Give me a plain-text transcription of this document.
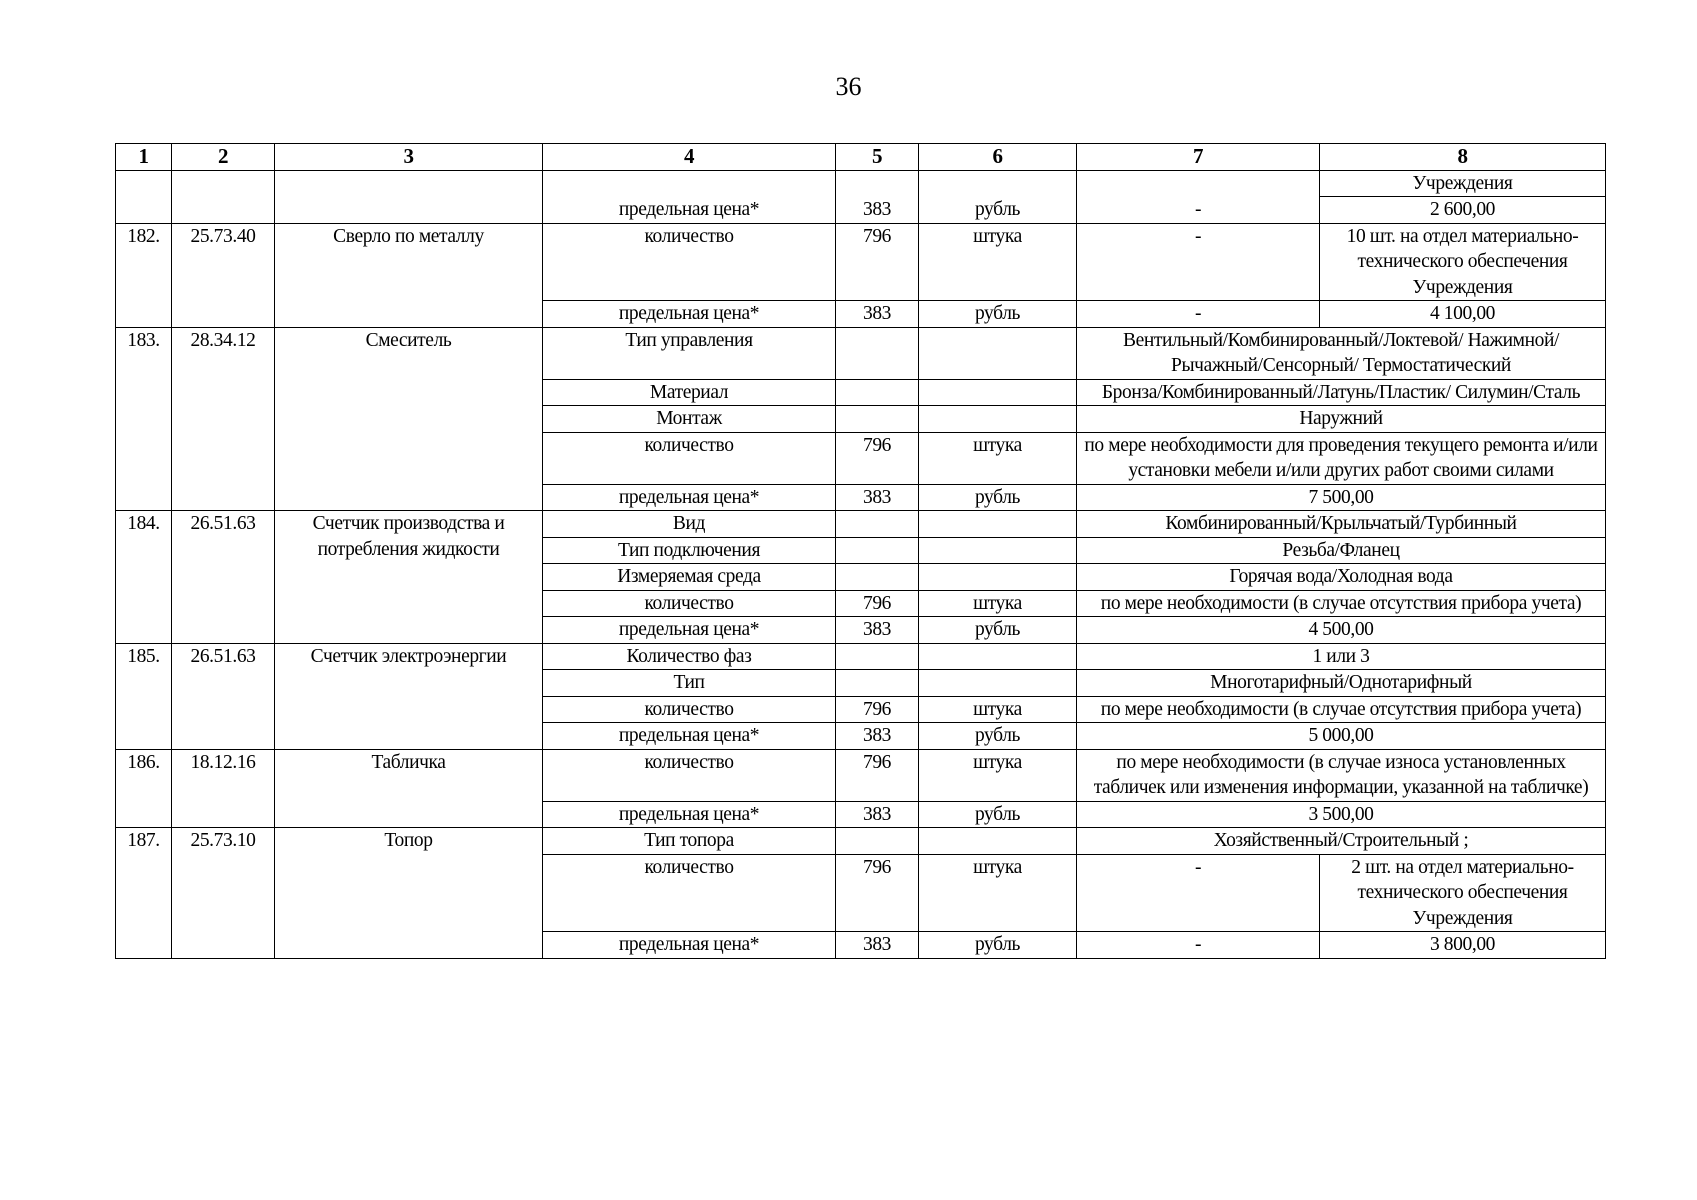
36
1	2	3	4	5	6	7	8
							Учреждения
			предельная цена*	383	рубль	-	2 600,00
182.	25.73.40	Сверло по металлу	количество	796	штука	-	10 шт. на отдел материально-технического обеспечения Учреждения
			предельная цена*	383	рубль	-	4 100,00
183.	28.34.12	Смеситель	Тип управления			Вентильный/Комбинированный/Локтевой/ Нажимной/Рычажный/Сенсорный/ Термостатический	
			Материал			Бронза/Комбинированный/Латунь/Пластик/ Силумин/Сталь	
			Монтаж			Наружний	
			количество	796	штука	по мере необходимости для проведения текущего ремонта и/или установки мебели и/или других работ своими силами	
			предельная цена*	383	рубль	7 500,00	
184.	26.51.63	Счетчик производства и потребления жидкости	Вид			Комбинированный/Крыльчатый/Турбинный	
			Тип подключения			Резьба/Фланец	
			Измеряемая среда			Горячая вода/Холодная вода	
			количество	796	штука	по мере необходимости (в случае отсутствия прибора учета)	
			предельная цена*	383	рубль	4 500,00	
185.	26.51.63	Счетчик электроэнергии	Количество фаз			1 или 3	
			Тип			Многотарифный/Однотарифный	
			количество	796	штука	по мере необходимости (в случае отсутствия прибора учета)	
			предельная цена*	383	рубль	5 000,00	
186.	18.12.16	Табличка	количество	796	штука	по мере необходимости (в случае износа установленных табличек или изменения информации, указанной на табличке)	
			предельная цена*	383	рубль	3 500,00	
187.	25.73.10	Топор	Тип топора			Хозяйственный/Строительный ;	
			количество	796	штука	-	2 шт. на отдел материально-технического обеспечения Учреждения
			предельная цена*	383	рубль	-	3 800,00
